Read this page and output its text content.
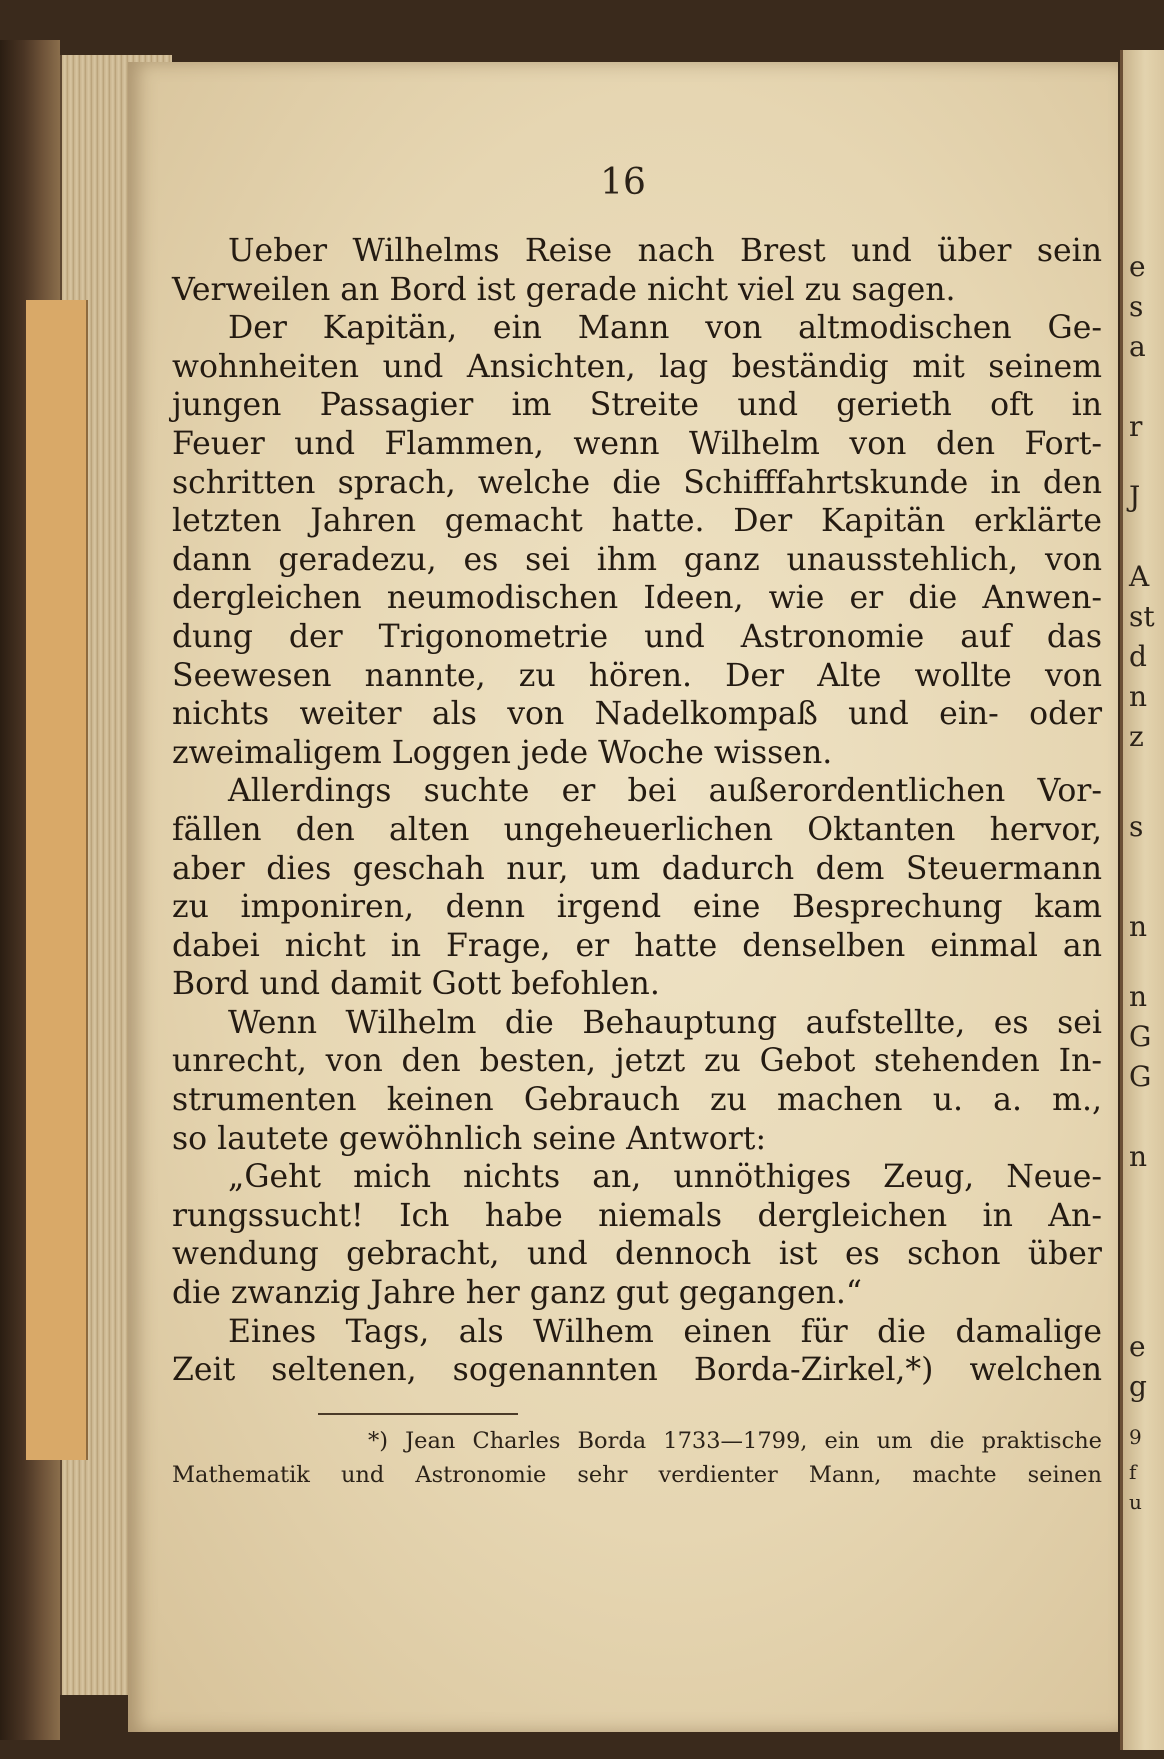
16
Ueber Wilhelms Reise nach Brest und über sein
Verweilen an Bord ist gerade nicht viel zu sagen.
Der Kapitän, ein Mann von altmodischen Ge-
wohnheiten und Ansichten, lag beständig mit seinem
jungen Passagier im Streite und gerieth oft in
Feuer und Flammen, wenn Wilhelm von den Fort-
schritten sprach, welche die Schifffahrtskunde in den
letzten Jahren gemacht hatte. Der Kapitän erklärte
dann geradezu, es sei ihm ganz unausstehlich, von
dergleichen neumodischen Ideen, wie er die Anwen-
dung der Trigonometrie und Astronomie auf das
Seewesen nannte, zu hören. Der Alte wollte von
nichts weiter als von Nadelkompaß und ein- oder
zweimaligem Loggen jede Woche wissen.
Allerdings suchte er bei außerordentlichen Vor-
fällen den alten ungeheuerlichen Oktanten hervor,
aber dies geschah nur, um dadurch dem Steuermann
zu imponiren, denn irgend eine Besprechung kam
dabei nicht in Frage, er hatte denselben einmal an
Bord und damit Gott befohlen.
Wenn Wilhelm die Behauptung aufstellte, es sei
unrecht, von den besten, jetzt zu Gebot stehenden In-
strumenten keinen Gebrauch zu machen u. a. m.,
so lautete gewöhnlich seine Antwort:
„Geht mich nichts an, unnöthiges Zeug, Neue-
rungssucht! Ich habe niemals dergleichen in An-
wendung gebracht, und dennoch ist es schon über
die zwanzig Jahre her ganz gut gegangen.“
Eines Tags, als Wilhem einen für die damalige
Zeit seltenen, sogenannten Borda-Zirkel,*) welchen
*) Jean Charles Borda 1733—1799, ein um die praktische
Mathematik und Astronomie sehr verdienter Mann, machte seinen
e
s
a
r
J
A
st
d
n
z
s
n
n
G
G
n
e
g
9
f
u
